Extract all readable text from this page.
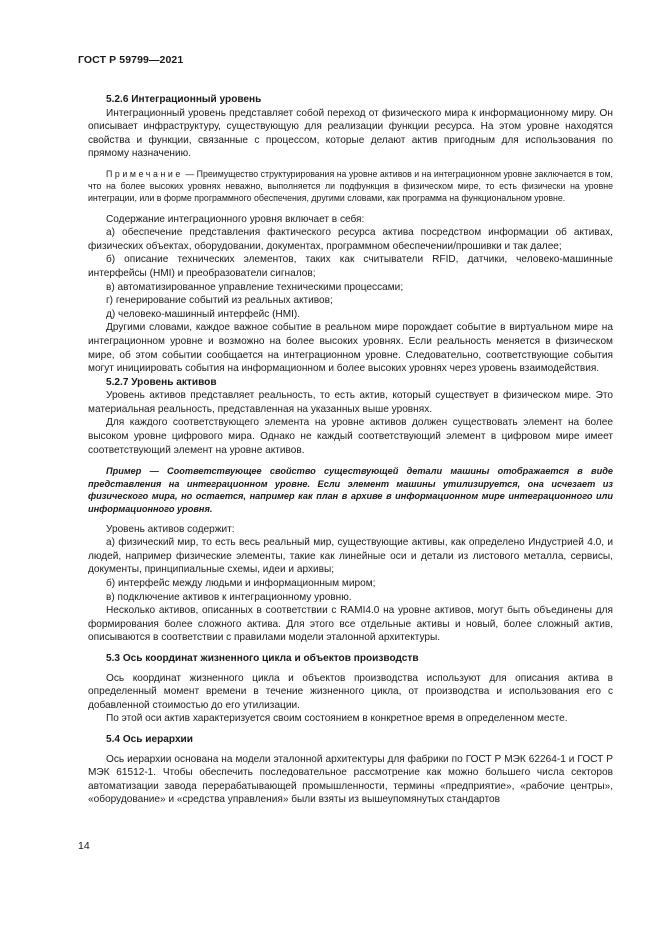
ГОСТ Р 59799—2021

5.2.6 Интеграционный уровень

Интеграционный уровень представляет собой переход от физического мира к информационному миру. Он описывает инфраструктуру, существующую для реализации функции ресурса. На этом уровне находятся свойства и функции, связанные с процессом, которые делают актив пригодным для использования по прямому назначению.

Примечание — Преимущество структурирования на уровне активов и на интеграционном уровне заключается в том, что на более высоких уровнях неважно, выполняется ли подфункция в физическом мире, то есть физически на уровне интеграции, или в форме программного обеспечения, другими словами, как программа на функциональном уровне.

Содержание интеграционного уровня включает в себя:

а) обеспечение представления фактического ресурса актива посредством информации об активах, физических объектах, оборудовании, документах, программном обеспечении/прошивки и так далее;

б) описание технических элементов, таких как считыватели RFID, датчики, человеко-машинные интерфейсы (HMI) и преобразователи сигналов;

в) автоматизированное управление техническими процессами;

г) генерирование событий из реальных активов;

д) человеко-машинный интерфейс (HMI).

Другими словами, каждое важное событие в реальном мире порождает событие в виртуальном мире на интеграционном уровне и возможно на более высоких уровнях. Если реальность меняется в физическом мире, об этом событии сообщается на интеграционном уровне. Следовательно, соответствующие события могут инициировать события на информационном и более высоких уровнях через уровень взаимодействия.

5.2.7 Уровень активов

Уровень активов представляет реальность, то есть актив, который существует в физическом мире. Это материальная реальность, представленная на указанных выше уровнях.

Для каждого соответствующего элемента на уровне активов должен существовать элемент на более высоком уровне цифрового мира. Однако не каждый соответствующий элемент в цифровом мире имеет соответствующий элемент на уровне активов.

Пример — Соответствующее свойство существующей детали машины отображается в виде представления на интеграционном уровне. Если элемент машины утилизируется, она исчезает из физического мира, но остается, например как план в архиве в информационном мире интеграционного или информационного уровня.

Уровень активов содержит:

а) физический мир, то есть весь реальный мир, существующие активы, как определено Индустрией 4.0, и людей, например физические элементы, такие как линейные оси и детали из листового металла, сервисы, документы, принципиальные схемы, идеи и архивы;

б) интерфейс между людьми и информационным миром;

в) подключение активов к интеграционному уровню.

Несколько активов, описанных в соответствии с RAMI4.0 на уровне активов, могут быть объединены для формирования более сложного актива. Для этого все отдельные активы и новый, более сложный актив, описываются в соответствии с правилами модели эталонной архитектуры.

5.3 Ось координат жизненного цикла и объектов производств

Ось координат жизненного цикла и объектов производства используют для описания актива в определенный момент времени в течение жизненного цикла, от производства и использования его с добавленной стоимостью до его утилизации.

По этой оси актив характеризуется своим состоянием в конкретное время в определенном месте.

5.4 Ось иерархии

Ось иерархии основана на модели эталонной архитектуры для фабрики по ГОСТ Р МЭК 62264-1 и ГОСТ Р МЭК 61512-1. Чтобы обеспечить последовательное рассмотрение как можно большего числа секторов автоматизации завода перерабатывающей промышленности, термины «предприятие», «рабочие центры», «оборудование» и «средства управления» были взяты из вышеупомянутых стандартов

14
